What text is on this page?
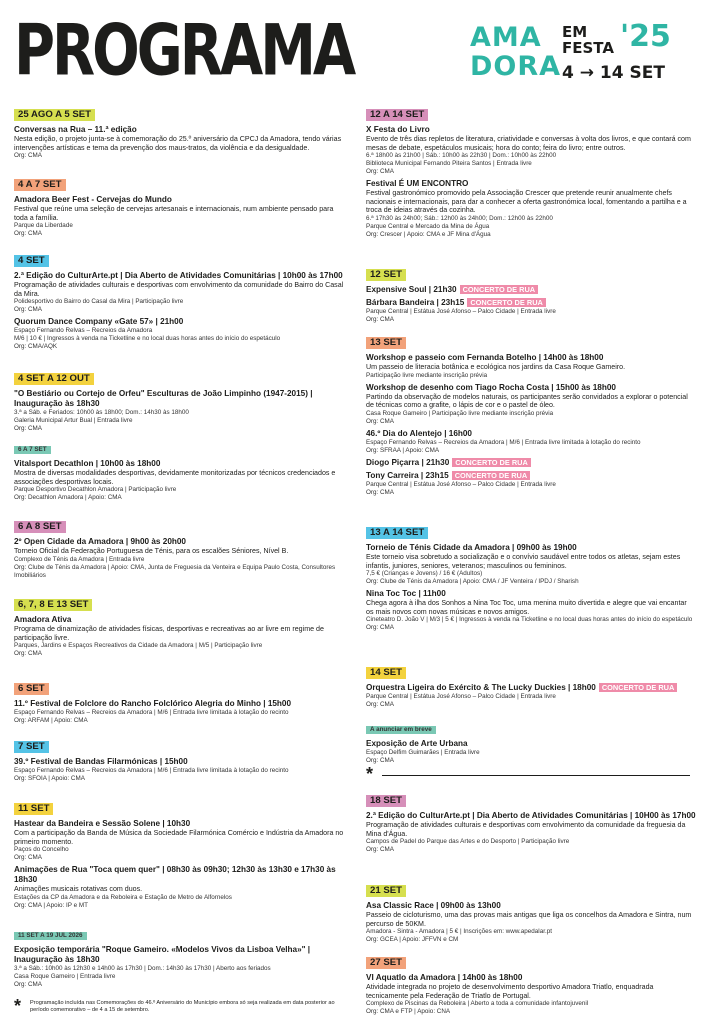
PROGRAMA	AMA
DORA
EM
FESTA '25
4 → 14 SET
25 AGO A 5 SET
Conversas na Rua – 11.ª edição
Nesta edição, o projeto junta-se à comemoração do 25.º aniversário da CPCJ da Amadora, tendo várias intervenções artísticas e tema da prevenção dos maus-tratos, da violência e da desigualdade.
Org: CMA
4 A 7 SET
Amadora Beer Fest - Cervejas do Mundo
Festival que reúne uma seleção de cervejas artesanais e internacionais, num ambiente pensado para toda a família.
Parque da Liberdade
Org: CMA
4 SET
2.ª Edição do CulturArte.pt | Dia Aberto de Atividades Comunitárias | 10h00 às 17h00
Programação de atividades culturais e desportivas com envolvimento da comunidade do Bairro do Casal da Mira.
Polidesportivo do Bairro do Casal da Mira | Participação livre
Org: CMA
Quorum Dance Company «Gate 57» | 21h00
Espaço Fernando Relvas – Recreios da Amadora
M/6 | 10 € | Ingressos à venda na Ticketline e no local duas horas antes do início do espetáculo
Org: CMA/AQK
4 SET A 12 OUT
"O Bestiário ou Cortejo de Orfeu" Esculturas de João Limpinho (1947-2015) | Inauguração às 18h30
3.ª a Sáb. e Feriados: 10h00 às 18h00; Dom.: 14h30 às 18h00
Galeria Municipal Artur Bual | Entrada livre
Org: CMA
6 A 7 SET
Vitalsport Decathlon | 10h00 às 18h00
Mostra de diversas modalidades desportivas, devidamente monitorizadas por técnicos credenciados e associações desportivas locais.
Parque Desportivo Decathlon Amadora | Participação livre
Org: Decathlon Amadora | Apoio: CMA
6 A 8 SET
2º Open Cidade da Amadora | 9h00 às 20h00
Torneio Oficial da Federação Portuguesa de Ténis, para os escalões Séniores, Nível B.
Complexo de Ténis da Amadora | Entrada livre
Org: Clube de Ténis da Amadora | Apoio: CMA, Junta de Freguesia da Venteira e Equipa Paulo Costa, Consultores Imobiliários
6, 7, 8 E 13 SET
Amadora Ativa
Programa de dinamização de atividades físicas, desportivas e recreativas ao ar livre em regime de participação livre.
Parques, Jardins e Espaços Recreativos da Cidade da Amadora | M/5 | Participação livre
Org: CMA
6 SET
11.º Festival de Folclore do Rancho Folclórico Alegria do Minho | 15h00
Espaço Fernando Relvas – Recreios da Amadora | M/6 | Entrada livre limitada à lotação do recinto
Org: ARFAM | Apoio: CMA
7 SET
39.º Festival de Bandas Filarmónicas | 15h00
Espaço Fernando Relvas – Recreios da Amadora | M/6 | Entrada livre limitada à lotação do recinto
Org: SFOIA | Apoio: CMA
11 SET
Hastear da Bandeira e Sessão Solene | 10h30
Com a participação da Banda de Música da Sociedade Filarmónica Comércio e Indústria da Amadora no primeiro momento.
Paços do Concelho
Org: CMA
Animações de Rua "Toca quem quer" | 08h30 às 09h30; 12h30 às 13h30 e 17h30 às 18h30
Animações musicais rotativas com duos.
Estações da CP da Amadora e da Reboleira e Estação de Metro de Alfornelos
Org: CMA | Apoio: IP e MT
11 SET A 19 JUL 2026
Exposição temporária "Roque Gameiro. «Modelos Vivos da Lisboa Velha»" | Inauguração às 18h30
3.ª a Sáb.: 10h00 às 12h30 e 14h00 às 17h30 | Dom.: 14h30 às 17h30 | Aberto aos feriados
Casa Roque Gameiro | Entrada livre
Org: CMA
12 A 14 SET
X Festa do Livro
Evento de três dias repletos de literatura, criatividade e conversas à volta dos livros, e que contará com mesas de debate, espetáculos musicais; hora do conto; feira do livro; entre outros.
6.ª 18h00 às 21h00 | Sáb.: 10h00 às 22h30 | Dom.: 10h00 às 22h00
Biblioteca Municipal Fernando Piteira Santos | Entrada livre
Org: CMA
Festival É UM ENCONTRO
Festival gastronómico promovido pela Associação Crescer que pretende reunir anualmente chefs nacionais e internacionais, para dar a conhecer a oferta gastronómica local, fomentando a partilha e a troca de ideias através da cozinha.
6.ª 17h30 às 24h00; Sáb.: 12h00 às 24h00; Dom.: 12h00 às 22h00
Parque Central e Mercado da Mina de Água
Org: Crescer | Apoio: CMA e JF Mina d'Água
12 SET
Expensive Soul | 21h30 CONCERTO DE RUA
Bárbara Bandeira | 23h15 CONCERTO DE RUA
Parque Central | Estátua José Afonso – Palco Cidade | Entrada livre
Org: CMA
13 SET
Workshop e passeio com Fernanda Botelho | 14h00 às 18h00
Um passeio de literacia botânica e ecológica nos jardins da Casa Roque Gameiro.
Participação livre mediante inscrição prévia
Workshop de desenho com Tiago Rocha Costa | 15h00 às 18h00
Partindo da observação de modelos naturais, os participantes serão convidados a explorar o potencial de técnicas como a grafite, o lápis de cor e o pastel de óleo.
Casa Roque Gameiro | Participação livre mediante inscrição prévia
Org: CMA
46.º Dia do Alentejo | 16h00
Espaço Fernando Relvas – Recreios da Amadora | M/6 | Entrada livre limitada à lotação do recinto
Org: SFRAA | Apoio: CMA
Diogo Piçarra | 21h30 CONCERTO DE RUA
Tony Carreira | 23h15 CONCERTO DE RUA
Parque Central | Estátua José Afonso – Palco Cidade | Entrada livre
Org: CMA
13 A 14 SET
Torneio de Ténis Cidade da Amadora | 09h00 às 19h00
Este torneio visa sobretudo a socialização e o convívio saudável entre todos os atletas, sejam estes infantis, juniores, seniores, veteranos; masculinos ou femininos.
7,5 € (Crianças e Jovens) / 16 € (Adultos)
Org: Clube de Ténis da Amadora | Apoio: CMA / JF Venteira / IPDJ / Sharish
Nina Toc Toc | 11h00
Chega agora à ilha dos Sonhos a Nina Toc Toc, uma menina muito divertida e alegre que vai encantar os mais novos com novas músicas e novos amigos.
Cineteatro D. João V | M/3 | 5 € | Ingressos à venda na Ticketline e no local duas horas antes do início do espetáculo
Org: CMA
14 SET
Orquestra Ligeira do Exército & The Lucky Duckies | 18h00 CONCERTO DE RUA
Parque Central | Estátua José Afonso – Palco Cidade | Entrada livre
Org: CMA
A anunciar em breve
Exposição de Arte Urbana
Espaço Delfim Guimarães | Entrada livre
Org: CMA
18 SET
2.ª Edição do CulturArte.pt | Dia Aberto de Atividades Comunitárias | 10H00 às 17h00
Programação de atividades culturais e desportivas com envolvimento da comunidade da freguesia da Mina d'Água.
Campos de Padel do Parque das Artes e do Desporto | Participação livre
Org: CMA
21 SET
Asa Classic Race | 09h00 às 13h00
Passeio de cicloturismo, uma das provas mais antigas que liga os concelhos da Amadora e Sintra, num percurso de 50KM.
Amadora - Sintra - Amadora | 5 € | Inscrições em: www.apedalar.pt
Org: GCEA | Apoio: JFFVN e CM
27 SET
VI Aquatlo da Amadora | 14h00 às 18h00
Atividade integrada no projeto de desenvolvimento desportivo Amadora Triatlo, enquadrada tecnicamente pela Federação de Triatlo de Portugal.
Complexo de Piscinas da Reboleira | Aberto a toda a comunidade infantojuvenil
Org: CMA e FTP | Apoio: CNA
*
* Programação incluída nas Comemorações do 46.º Aniversário do Município embora só seja realizada em data posterior ao período comemorativo – de 4 a 15 de setembro.
